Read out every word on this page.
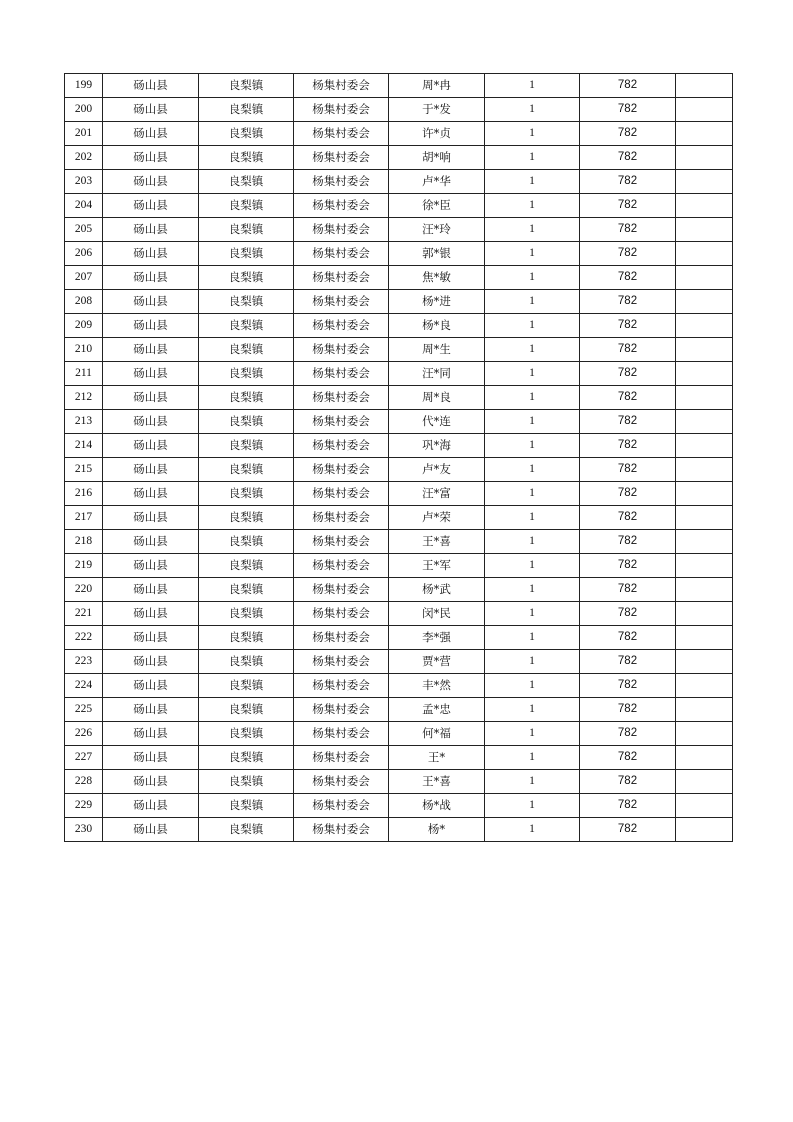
199	砀山县	良梨镇	杨集村委会	周*冉	1	782	
200	砀山县	良梨镇	杨集村委会	于*发	1	782	
201	砀山县	良梨镇	杨集村委会	许*贞	1	782	
202	砀山县	良梨镇	杨集村委会	胡*响	1	782	
203	砀山县	良梨镇	杨集村委会	卢*华	1	782	
204	砀山县	良梨镇	杨集村委会	徐*臣	1	782	
205	砀山县	良梨镇	杨集村委会	汪*玲	1	782	
206	砀山县	良梨镇	杨集村委会	郭*银	1	782	
207	砀山县	良梨镇	杨集村委会	焦*敏	1	782	
208	砀山县	良梨镇	杨集村委会	杨*进	1	782	
209	砀山县	良梨镇	杨集村委会	杨*良	1	782	
210	砀山县	良梨镇	杨集村委会	周*生	1	782	
211	砀山县	良梨镇	杨集村委会	汪*同	1	782	
212	砀山县	良梨镇	杨集村委会	周*良	1	782	
213	砀山县	良梨镇	杨集村委会	代*连	1	782	
214	砀山县	良梨镇	杨集村委会	巩*海	1	782	
215	砀山县	良梨镇	杨集村委会	卢*友	1	782	
216	砀山县	良梨镇	杨集村委会	汪*富	1	782	
217	砀山县	良梨镇	杨集村委会	卢*荣	1	782	
218	砀山县	良梨镇	杨集村委会	王*喜	1	782	
219	砀山县	良梨镇	杨集村委会	王*军	1	782	
220	砀山县	良梨镇	杨集村委会	杨*武	1	782	
221	砀山县	良梨镇	杨集村委会	闵*民	1	782	
222	砀山县	良梨镇	杨集村委会	李*强	1	782	
223	砀山县	良梨镇	杨集村委会	贾*营	1	782	
224	砀山县	良梨镇	杨集村委会	丰*然	1	782	
225	砀山县	良梨镇	杨集村委会	孟*忠	1	782	
226	砀山县	良梨镇	杨集村委会	何*福	1	782	
227	砀山县	良梨镇	杨集村委会	王*	1	782	
228	砀山县	良梨镇	杨集村委会	王*喜	1	782	
229	砀山县	良梨镇	杨集村委会	杨*战	1	782	
230	砀山县	良梨镇	杨集村委会	杨*	1	782	
